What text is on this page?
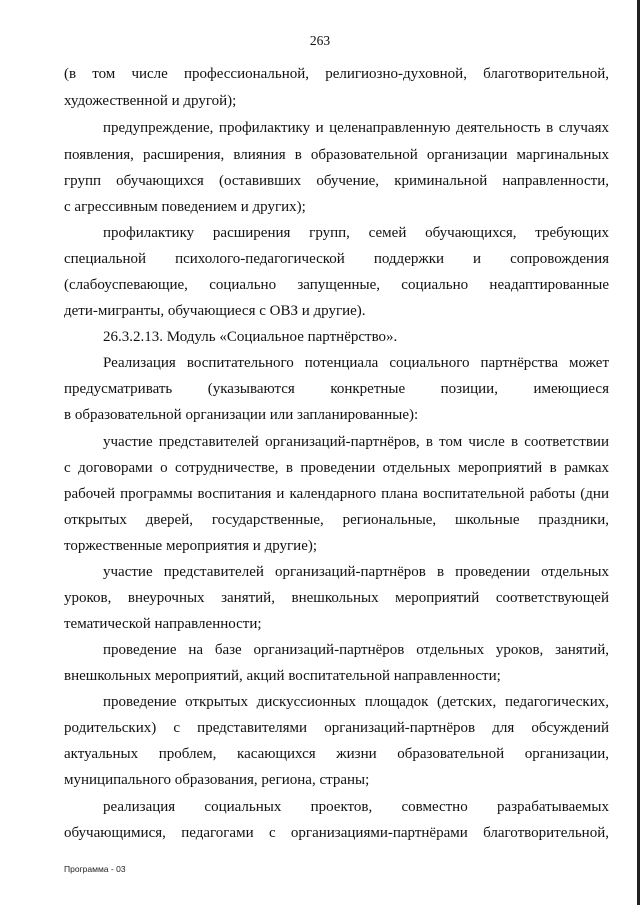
263
(в том числе профессиональной, религиозно-духовной, благотворительной,
художественной и другой);
предупреждение, профилактику и целенаправленную деятельность в случаях
появления, расширения, влияния в образовательной организации маргинальных
групп обучающихся (оставивших обучение, криминальной направленности,
с агрессивным поведением и других);
профилактику расширения групп, семей обучающихся, требующих
специальной психолого-педагогической поддержки и сопровождения
(слабоуспевающие, социально запущенные, социально неадаптированные
дети-мигранты, обучающиеся с ОВЗ и другие).
26.3.2.13. Модуль «Социальное партнёрство».
Реализация воспитательного потенциала социального партнёрства может
предусматривать (указываются конкретные позиции, имеющиеся
в образовательной организации или запланированные):
участие представителей организаций-партнёров, в том числе в соответствии
с договорами о сотрудничестве, в проведении отдельных мероприятий в рамках
рабочей программы воспитания и календарного плана воспитательной работы (дни
открытых дверей, государственные, региональные, школьные праздники,
торжественные мероприятия и другие);
участие представителей организаций-партнёров в проведении отдельных
уроков, внеурочных занятий, внешкольных мероприятий соответствующей
тематической направленности;
проведение на базе организаций-партнёров отдельных уроков, занятий,
внешкольных мероприятий, акций воспитательной направленности;
проведение открытых дискуссионных площадок (детских, педагогических,
родительских) с представителями организаций-партнёров для обсуждений
актуальных проблем, касающихся жизни образовательной организации,
муниципального образования, региона, страны;
реализация социальных проектов, совместно разрабатываемых
обучающимися, педагогами с организациями-партнёрами благотворительной,
Программа - 03
